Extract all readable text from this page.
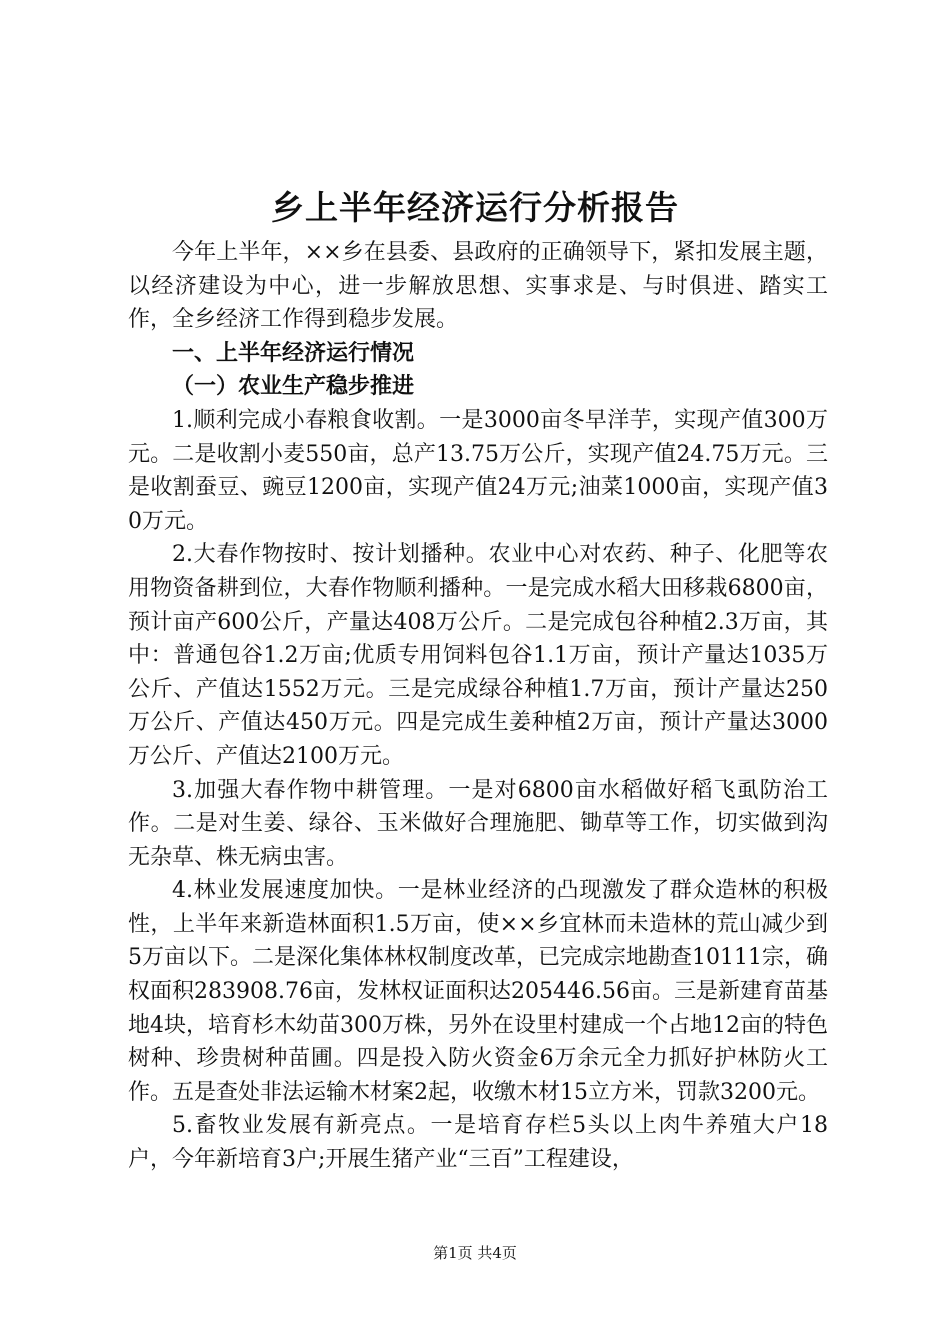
乡上半年经济运行分析报告

今年上半年，××乡在县委、县政府的正确领导下，紧扣发展主题，以经济建设为中心，进一步解放思想、实事求是、与时俱进、踏实工作，全乡经济工作得到稳步发展。

一、上半年经济运行情况

（一）农业生产稳步推进

1.顺利完成小春粮食收割。一是3000亩冬早洋芋，实现产值300万元。二是收割小麦550亩，总产13.75万公斤，实现产值24.75万元。三是收割蚕豆、豌豆1200亩，实现产值24万元;油菜1000亩，实现产值30万元。

2.大春作物按时、按计划播种。农业中心对农药、种子、化肥等农用物资备耕到位，大春作物顺利播种。一是完成水稻大田移栽6800亩，预计亩产600公斤，产量达408万公斤。二是完成包谷种植2.3万亩，其中：普通包谷1.2万亩;优质专用饲料包谷1.1万亩，预计产量达1035万公斤、产值达1552万元。三是完成绿谷种植1.7万亩，预计产量达250万公斤、产值达450万元。四是完成生姜种植2万亩，预计产量达3000万公斤、产值达2100万元。

3.加强大春作物中耕管理。一是对6800亩水稻做好稻飞虱防治工作。二是对生姜、绿谷、玉米做好合理施肥、锄草等工作，切实做到沟无杂草、株无病虫害。

4.林业发展速度加快。一是林业经济的凸现激发了群众造林的积极性，上半年来新造林面积1.5万亩，使××乡宜林而未造林的荒山减少到5万亩以下。二是深化集体林权制度改革，已完成宗地勘查10111宗，确权面积283908.76亩，发林权证面积达205446.56亩。三是新建育苗基地4块，培育杉木幼苗300万株，另外在设里村建成一个占地12亩的特色树种、珍贵树种苗圃。四是投入防火资金6万余元全力抓好护林防火工作。五是查处非法运输木材案2起，收缴木材15立方米，罚款3200元。

5.畜牧业发展有新亮点。一是培育存栏5头以上肉牛养殖大户18户，今年新培育3户;开展生猪产业“三百”工程建设，

第1页 共4页
